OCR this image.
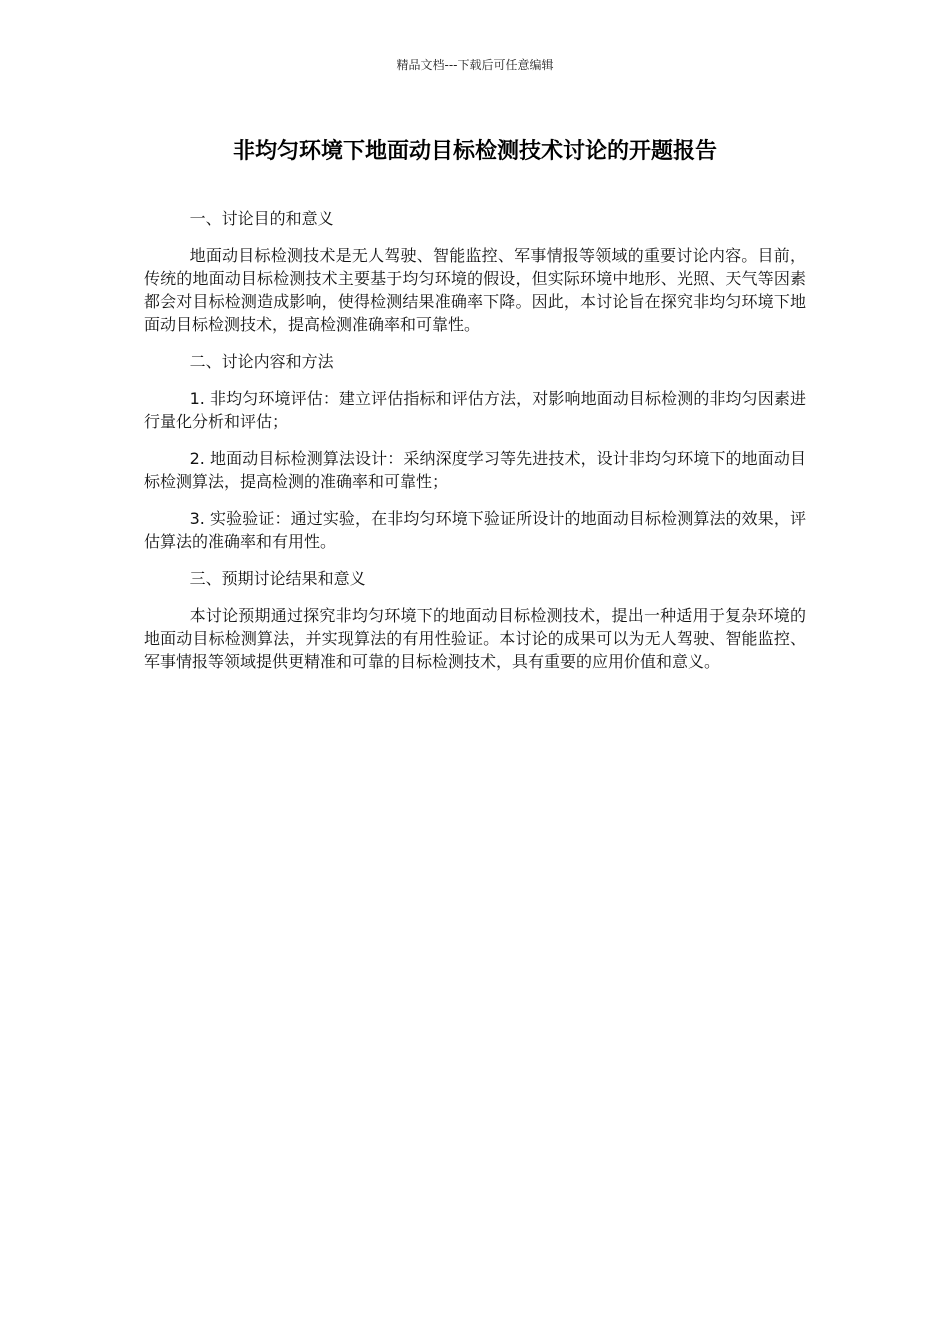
精品文档---下载后可任意编辑
非均匀环境下地面动目标检测技术讨论的开题报告

一、讨论目的和意义

地面动目标检测技术是无人驾驶、智能监控、军事情报等领域的重要讨论内容。目前，传统的地面动目标检测技术主要基于均匀环境的假设，但实际环境中地形、光照、天气等因素都会对目标检测造成影响，使得检测结果准确率下降。因此，本讨论旨在探究非均匀环境下地面动目标检测技术，提高检测准确率和可靠性。

二、讨论内容和方法

1. 非均匀环境评估：建立评估指标和评估方法，对影响地面动目标检测的非均匀因素进行量化分析和评估；

2. 地面动目标检测算法设计：采纳深度学习等先进技术，设计非均匀环境下的地面动目标检测算法，提高检测的准确率和可靠性；

3. 实验验证：通过实验，在非均匀环境下验证所设计的地面动目标检测算法的效果，评估算法的准确率和有用性。

三、预期讨论结果和意义

本讨论预期通过探究非均匀环境下的地面动目标检测技术，提出一种适用于复杂环境的地面动目标检测算法，并实现算法的有用性验证。本讨论的成果可以为无人驾驶、智能监控、军事情报等领域提供更精准和可靠的目标检测技术，具有重要的应用价值和意义。
